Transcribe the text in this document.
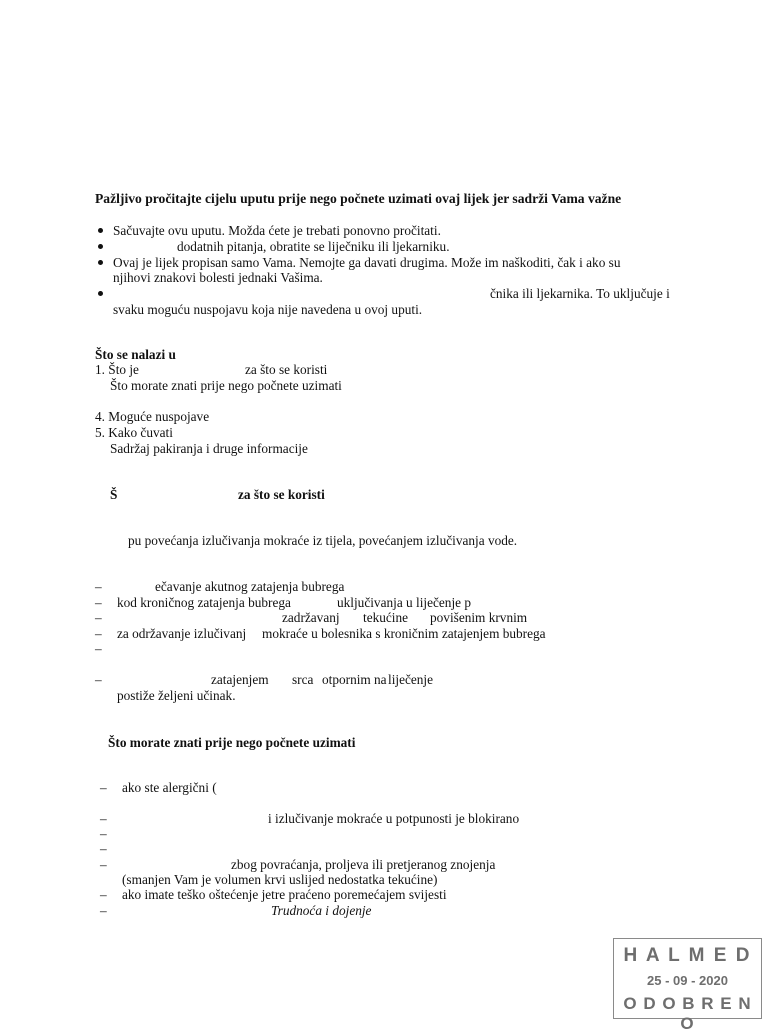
Pažljivo pročitajte cijelu uputu prije nego počnete uzimati ovaj lijek jer sadrži Vama važne
Sačuvajte ovu uputu. Možda ćete je trebati ponovno pročitati.
dodatnih pitanja, obratite se liječniku ili ljekarniku.
Ovaj je lijek propisan samo Vama. Nemojte ga davati drugima. Može im naškoditi, čak i ako su
njihovi znakovi bolesti jednaki Vašima.
čnika ili ljekarnika. To uključuje i
svaku moguću nuspojavu koja nije navedena u ovoj uputi.
Što se nalazi u
1. Što je	za što se koristi
Što morate znati prije nego počnete uzimati
4. Moguće nuspojave
5. Kako čuvati
Sadržaj pakiranja i druge informacije
Š	za što se koristi
pu povećanja izlučivanja mokraće iz tijela, povećanjem izlučivanja vode.
–	ečavanje akutnog zatajenja bubrega
– kod kroničnog zatajenja bubrega	uključivanja u liječenje p
–	zadržavanj tekućine povišenim krvnim
– za održavanje izlučivanj mokraće u bolesnika s kroničnim zatajenjem bubrega
–
–	zatajenjem srca otpornim na liječenje
postiže željeni učinak.
Što morate znati prije nego počnete uzimati
– ako ste alergični (
–	i izlučivanje mokraće u potpunosti je blokirano
–
–
–	zbog povraćanja, proljeva ili pretjeranog znojenja
(smanjen Vam je volumen krvi uslijed nedostatka tekućine)
– ako imate teško oštećenje jetre praćeno poremećajem svijesti
–	Trudnoća i dojenje
H A L M E D
25 - 09 - 2020
O D O B R E N O
